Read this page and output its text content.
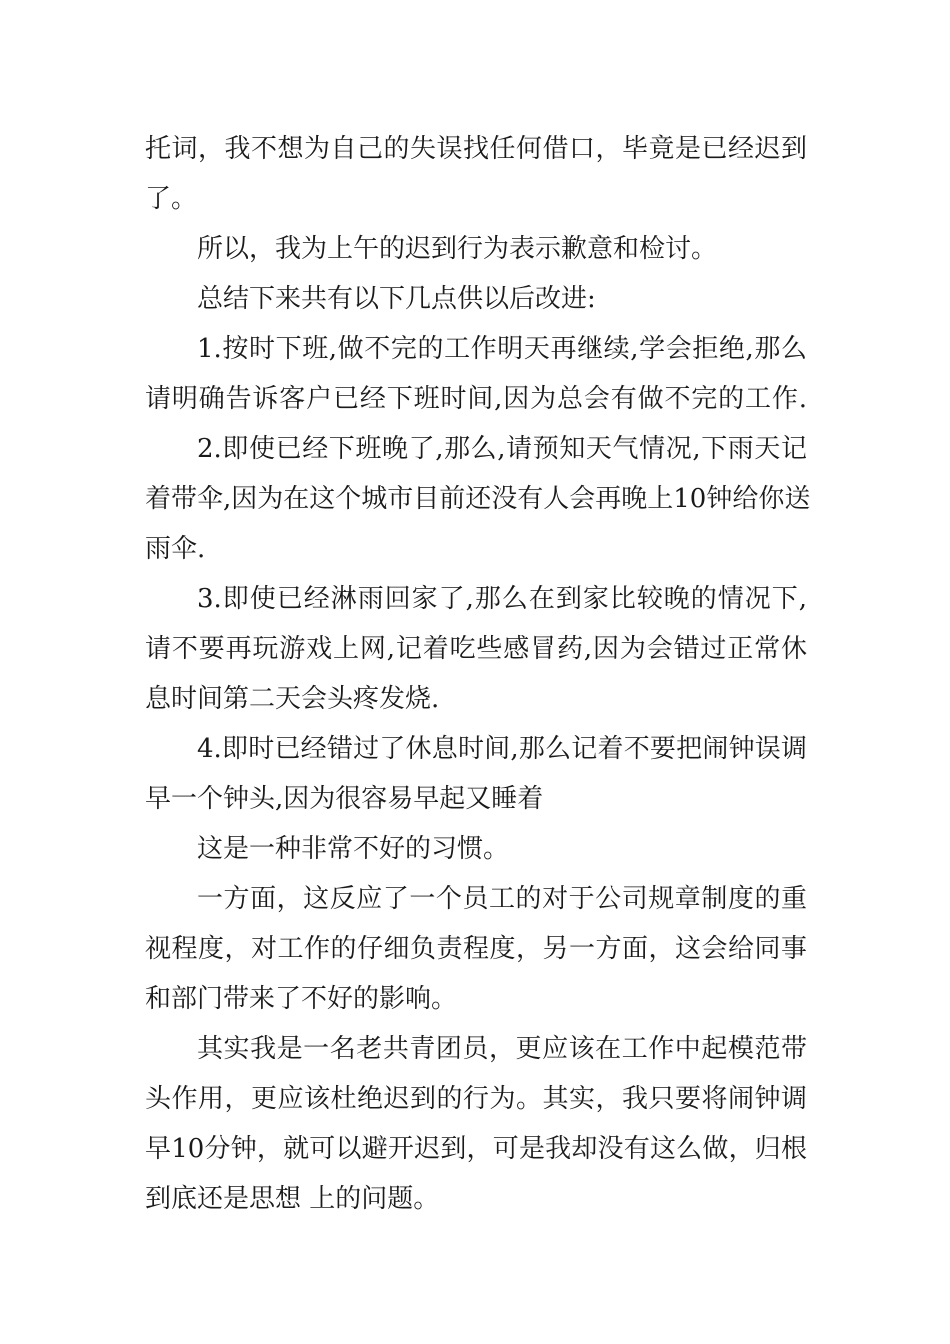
托词，我不想为自己的失误找任何借口，毕竟是已经迟到
了。
所以，我为上午的迟到行为表示歉意和检讨。
总结下来共有以下几点供以后改进:
1.按时下班,做不完的工作明天再继续,学会拒绝,那么
请明确告诉客户已经下班时间,因为总会有做不完的工作.
2.即使已经下班晚了,那么,请预知天气情况,下雨天记
着带伞,因为在这个城市目前还没有人会再晚上10钟给你送
雨伞.
3.即使已经淋雨回家了,那么在到家比较晚的情况下,
请不要再玩游戏上网,记着吃些感冒药,因为会错过正常休
息时间第二天会头疼发烧.
4.即时已经错过了休息时间,那么记着不要把闹钟误调
早一个钟头,因为很容易早起又睡着
这是一种非常不好的习惯。
一方面，这反应了一个员工的对于公司规章制度的重
视程度，对工作的仔细负责程度，另一方面，这会给同事
和部门带来了不好的影响。
其实我是一名老共青团员，更应该在工作中起模范带
头作用，更应该杜绝迟到的行为。其实，我只要将闹钟调
早10分钟，就可以避开迟到，可是我却没有这么做，归根
到底还是思想 上的问题。
